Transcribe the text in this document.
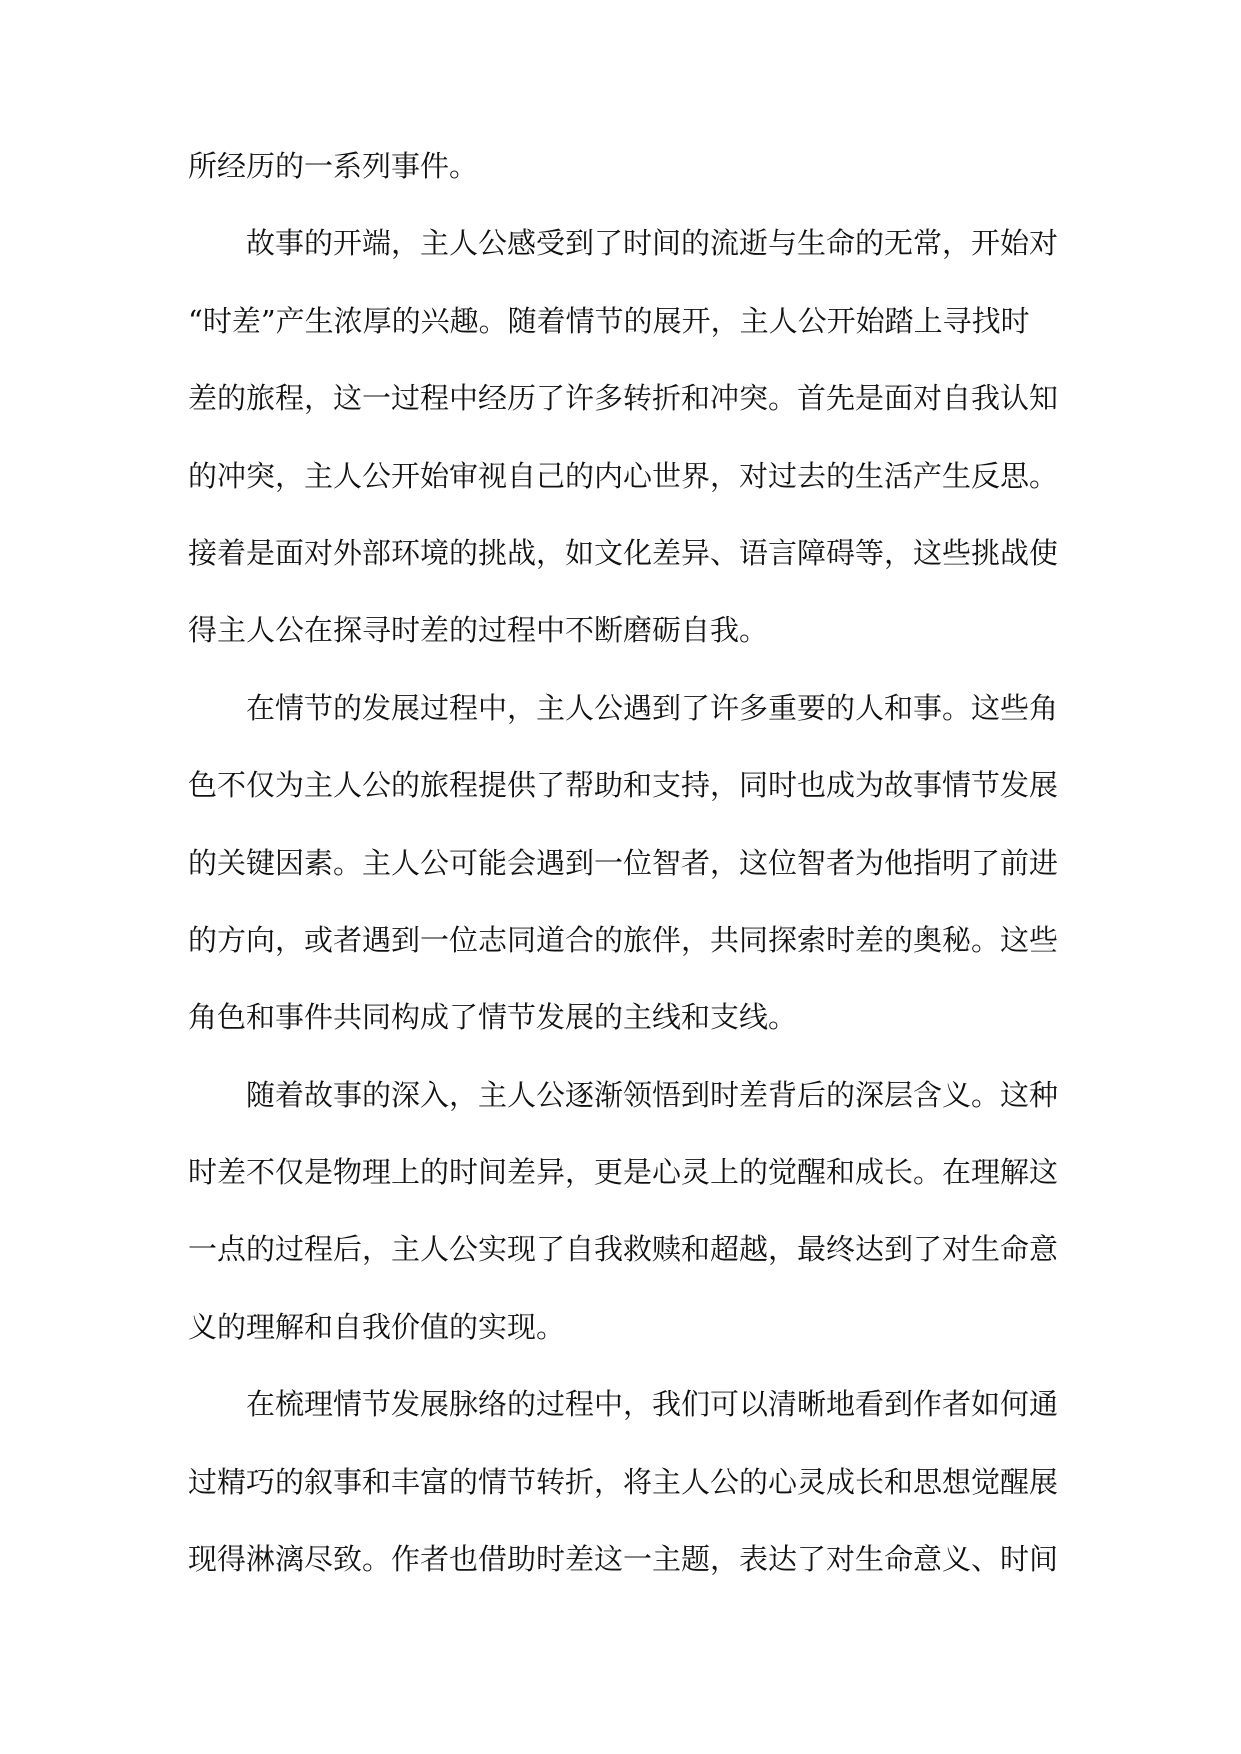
所经历的一系列事件。
故事的开端，主人公感受到了时间的流逝与生命的无常，开始对
“时差”产生浓厚的兴趣。随着情节的展开，主人公开始踏上寻找时
差的旅程，这一过程中经历了许多转折和冲突。首先是面对自我认知
的冲突，主人公开始审视自己的内心世界，对过去的生活产生反思。
接着是面对外部环境的挑战，如文化差异、语言障碍等，这些挑战使
得主人公在探寻时差的过程中不断磨砺自我。
在情节的发展过程中，主人公遇到了许多重要的人和事。这些角
色不仅为主人公的旅程提供了帮助和支持，同时也成为故事情节发展
的关键因素。主人公可能会遇到一位智者，这位智者为他指明了前进
的方向，或者遇到一位志同道合的旅伴，共同探索时差的奥秘。这些
角色和事件共同构成了情节发展的主线和支线。
随着故事的深入，主人公逐渐领悟到时差背后的深层含义。这种
时差不仅是物理上的时间差异，更是心灵上的觉醒和成长。在理解这
一点的过程后，主人公实现了自我救赎和超越，最终达到了对生命意
义的理解和自我价值的实现。
在梳理情节发展脉络的过程中，我们可以清晰地看到作者如何通
过精巧的叙事和丰富的情节转折，将主人公的心灵成长和思想觉醒展
现得淋漓尽致。作者也借助时差这一主题，表达了对生命意义、时间
